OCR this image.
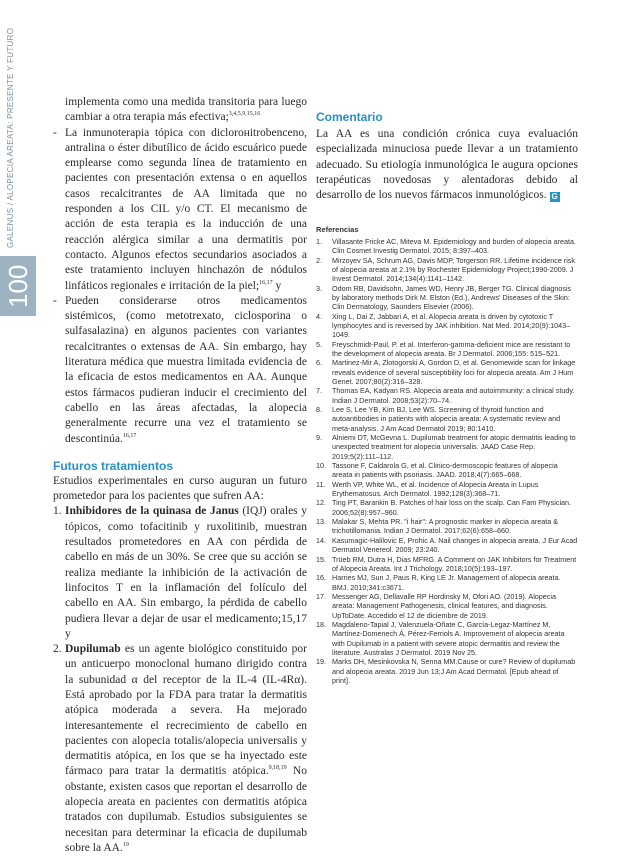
GALENUS / ALOPECIA AREATA: PRESENTE Y FUTURO
100

implementa como una medida transitoria para luego cambiar a otra terapia más efectiva;$^{3,4,5,9,15,16}$

- La inmunoterapia tópica con diclorонitrobenceno, antralina o éster dibutílico de ácido escuárico puede emplearse como segunda línea de tratamiento en pacientes con presentación extensa o en aquellos casos recalcitrantes de AA limitada que no responden a los CIL y/o CT. El mecanismo de acción de esta terapia es la inducción de una reacción alérgica similar a una dermatitis por contacto. Algunos efectos secundarios asociados a este tratamiento incluyen hinchazón de nódulos linfáticos regionales e irritación de la piel;$^{16,17}$ y
- Pueden considerarse otros medicamentos sistémicos, (como metotrexato, ciclosporina o sulfasalazina) en algunos pacientes con variantes recalcitrantes o extensas de AA. Sin embargo, hay literatura médica que muestra limitada evidencia de la eficacia de estos medicamentos en AA. Aunque estos fármacos pudieran inducir el crecimiento del cabello en las áreas afectadas, la alopecia generalmente recurre una vez el tratamiento se descontinúa.$^{16,17}$
Futuros tratamientos

Estudios experimentales en curso auguran un futuro prometedor para los pacientes que sufren AA:

1. Inhibidores de la quinasa de Janus (IQJ) orales y tópicos, como tofacitinib y ruxolitinib, muestran resultados prometedores en AA con pérdida de cabello en más de un 30%. Se cree que su acción se realiza mediante la inhibición de la activación de linfocitos T en la inflamación del folículo del cabello en AA. Sin embargo, la pérdida de cabello pudiera llevar a dejar de usar el medicamento;15,17 y
2. Dupilumab es un agente biológico constituido por un anticuerpo monoclonal humano dirigido contra la subunidad α del receptor de la IL-4 (IL-4Rα). Está aprobado por la FDA para tratar la dermatitis atópica moderada a severa. Ha mejorado interesantemente el recrecimiento de cabello en pacientes con alopecia totalis/alopecia universalis y dermatitis atópica, en los que se ha inyectado este fármaco para tratar la dermatitis atópica.$^{9,18,19}$ No obstante, existen casos que reportan el desarrollo de alopecia areata en pacientes con dermatitis atópica tratados con dupilumab. Estudios subsiguientes se necesitan para determinar la eficacia de dupilumab sobre la AA.$^{19}$
Comentario

La AA es una condición crónica cuya evaluación especializada minuciosa puede llevar a un tratamiento adecuado. Su etiología inmunológica le augura opciones terapéuticas novedosas y alentadoras debido al desarrollo de los nuevos fármacos inmunológicos. G

Referencias
1. Villasante Fricke AC, Miteva M. Epidemiology and burden of alopecia areata. Clin Cosmet Investig Dermatol. 2015; 8:397–403.
2. Mirzoyev SA, Schrum AG, Davis MDP, Torgerson RR. Lifetime incidence risk of alopecia areata at 2.1% by Rochester Epidemiology Project;1990-2009. J Invest Dermatol. 2014;134(4):1141–1142.
3. Odom RB, Davidsohn, James WD, Henry JB, Berger TG. Clinical diagnosis by laboratory methods Dirk M. Elston (Ed.), Andrews' Diseases of the Skin: Clin Dermatology, Saunders Elsevier (2006).
4. Xing L, Dai Z, Jabbari A, et al. Alopecia areata is driven by cytotoxic T lymphocytes and is reversed by JAK inhibition. Nat Med. 2014;20(9):1043–1049.
5. Freyschmidt-Paul, P. et al. Interferon-gamma-deficient mice are resistant to the development of alopecia areata. Br J Dermatol. 2006;155: 515–521.
6. Martinez-Mir A, Zlotogorski A, Gordon D, et al. Genomewide scan for linkage reveals evidence of several susceptibility loci for alopecia areata. Am J Hum Genet. 2007;80(2):316–328.
7. Thomas EA, Kadyan RS. Alopecia areata and autoimmunity: a clinical study. Indian J Dermatol. 2008;53(2):70–74.
8. Lee S, Lee YB, Kim BJ, Lee WS. Screening of thyroid function and autoantibodies in patients with alopecia areata: A systematic review and meta-analysis. J Am Acad Dermatol 2019; 80:1410.
9. Alniemi DT, McGevna L. Dupilumab treatment for atopic dermatitis leading to unexpected treatment for alopecia universalis. JAAD Case Rep. 2019;5(2):111–112.
10. Tassone F, Caldarola G, et al. Clinico-dermoscopic features of alopecia areata in patients with psoriasis. JAAD. 2018;4(7):665–668.
11. Werth VP, White WL, et al. Incidence of Alopecia Areata in Lupus Erythematosus. Arch Dermatol. 1992;128(3):368–71.
12. Ting PT, Barankin B. Patches of hair loss on the scalp. Can Fam Physician. 2006;52(8):957–960.
13. Malakar S, Mehta PR. "i hair": A prognostic marker in alopecia areata & trichotillomania. Indian J Dermatol. 2017;62(6):658–660.
14. Kasumagic-Halilovic E, Prohic A. Nail changes in alopecia areata. J Eur Acad Dermatol Venereol. 2009; 23:240.
15. Trüeb RM, Dutra H, Dias MFRG. A Comment on JAK Inhibitors for Treatment of Alopecia Areata. Int J Trichology. 2018;10(5):193–197.
16. Harries MJ, Sun J, Paus R, King LE Jr. Management of alopecia areata. BMJ. 2010;341:c3671.
17. Messenger AG, Dellavalle RP Hordinsky M, Ofori AO. (2019). Alopecia areata: Management Pathogenesis, clinical features, and diagnosis. UpToDate. Accedido el 12 de diciembre de 2019.
18. Magdaleno-Tapial J, Valenzuela-Oñate C, García-Legaz-Martínez M, Martínez-Domenech Á, Pérez-Ferriols A. Improvement of alopecia areata with Dupilumab in a patient with severe atopic dermatitis and review the literature. Australas J Dermatol. 2019 Nov 25.
19. Marks DH, Mesinkovska N, Senna MM.Cause or cure? Review of dupilumab and alopecia areata. 2019 Jun 13;J Am Acad Dermatol. [Epub ahead of print].
